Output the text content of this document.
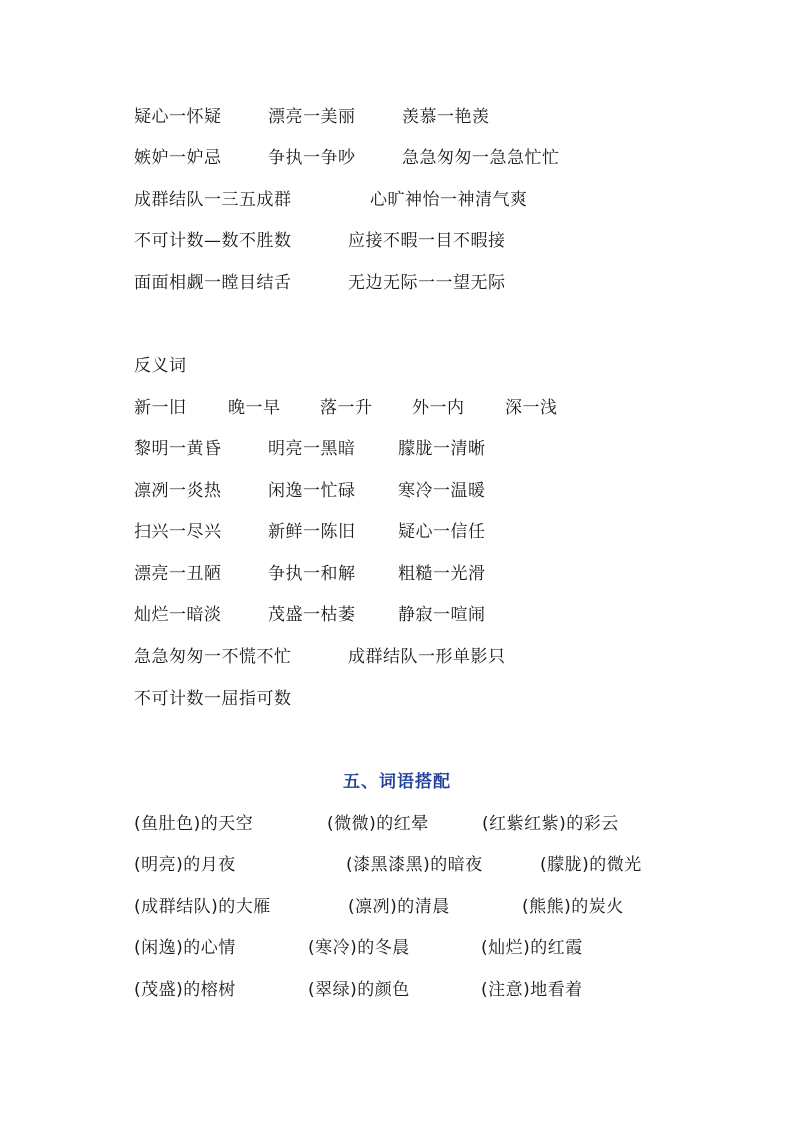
疑心一怀疑	漂亮一美丽	羡慕一艳羡
嫉妒一妒忌	争执一争吵	急急匆匆一急急忙忙
成群结队一三五成群	心旷神怡一神清气爽
不可计数—数不胜数	应接不暇一目不暇接
面面相觑一瞠目结舌	无边无际一一望无际
反义词
新一旧 晚一早 落一升 外一内 深一浅
黎明一黄昏	明亮一黑暗	朦胧一清晰
凛冽一炎热	闲逸一忙碌	寒冷一温暖
扫兴一尽兴	新鲜一陈旧	疑心一信任
漂亮一丑陋	争执一和解	粗糙一光滑
灿烂一暗淡	茂盛一枯萎	静寂一喧闹
急急匆匆一不慌不忙	成群结队一形单影只
不可计数一屈指可数
五、词语搭配
(鱼肚色)的天空	(微微)的红晕	(红紫红紫)的彩云
(明亮)的月夜	(漆黑漆黑)的暗夜	(朦胧)的微光
(成群结队)的大雁	(凛冽)的清晨	(熊熊)的炭火
(闲逸)的心情	(寒冷)的冬晨	(灿烂)的红霞
(茂盛)的榕树	(翠绿)的颜色	(注意)地看着
